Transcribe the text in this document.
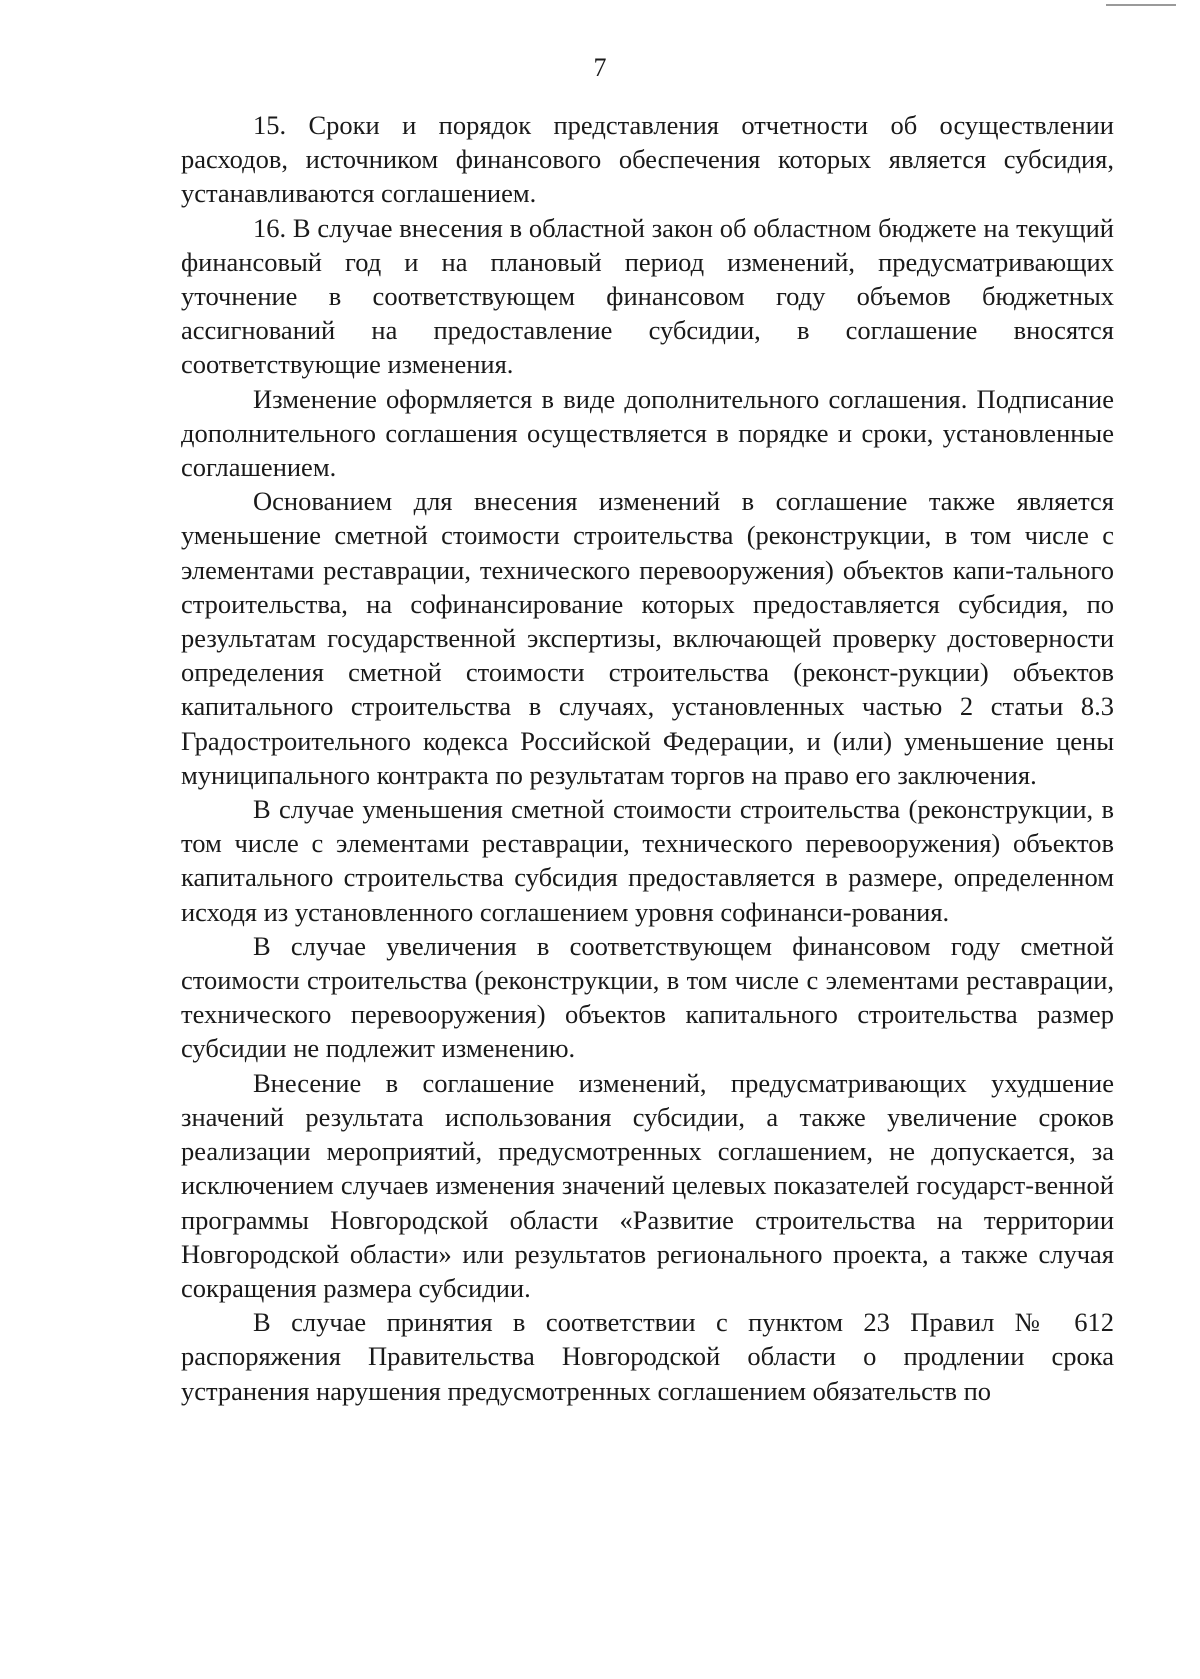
7

15. Сроки и порядок представления отчетности об осуществлении расходов, источником финансового обеспечения которых является субсидия, устанавливаются соглашением.

16. В случае внесения в областной закон об областном бюджете на текущий финансовый год и на плановый период изменений, предусматривающих уточнение в соответствующем финансовом году объемов бюджетных ассигнований на предоставление субсидии, в соглашение вносятся соответствующие изменения.

Изменение оформляется в виде дополнительного соглашения. Подписание дополнительного соглашения осуществляется в порядке и сроки, установленные соглашением.

Основанием для внесения изменений в соглашение также является уменьшение сметной стоимости строительства (реконструкции, в том числе с элементами реставрации, технического перевооружения) объектов капи-тального строительства, на софинансирование которых предоставляется субсидия, по результатам государственной экспертизы, включающей проверку достоверности определения сметной стоимости строительства (реконст-рукции) объектов капитального строительства в случаях, установленных частью 2 статьи 8.3 Градостроительного кодекса Российской Федерации, и (или) уменьшение цены муниципального контракта по результатам торгов на право его заключения.

В случае уменьшения сметной стоимости строительства (реконструкции, в том числе с элементами реставрации, технического перевооружения) объектов капитального строительства субсидия предоставляется в размере, определенном исходя из установленного соглашением уровня софинанси-рования.

В случае увеличения в соответствующем финансовом году сметной стоимости строительства (реконструкции, в том числе с элементами реставрации, технического перевооружения) объектов капитального строительства размер субсидии не подлежит изменению.

Внесение в соглашение изменений, предусматривающих ухудшение значений результата использования субсидии, а также увеличение сроков реализации мероприятий, предусмотренных соглашением, не допускается, за исключением случаев изменения значений целевых показателей государст-венной программы Новгородской области «Развитие строительства на территории Новгородской области» или результатов регионального проекта, а также случая сокращения размера субсидии.

В случае принятия в соответствии с пунктом 23 Правил № 612 распоряжения Правительства Новгородской области о продлении срока устранения нарушения предусмотренных соглашением обязательств по
